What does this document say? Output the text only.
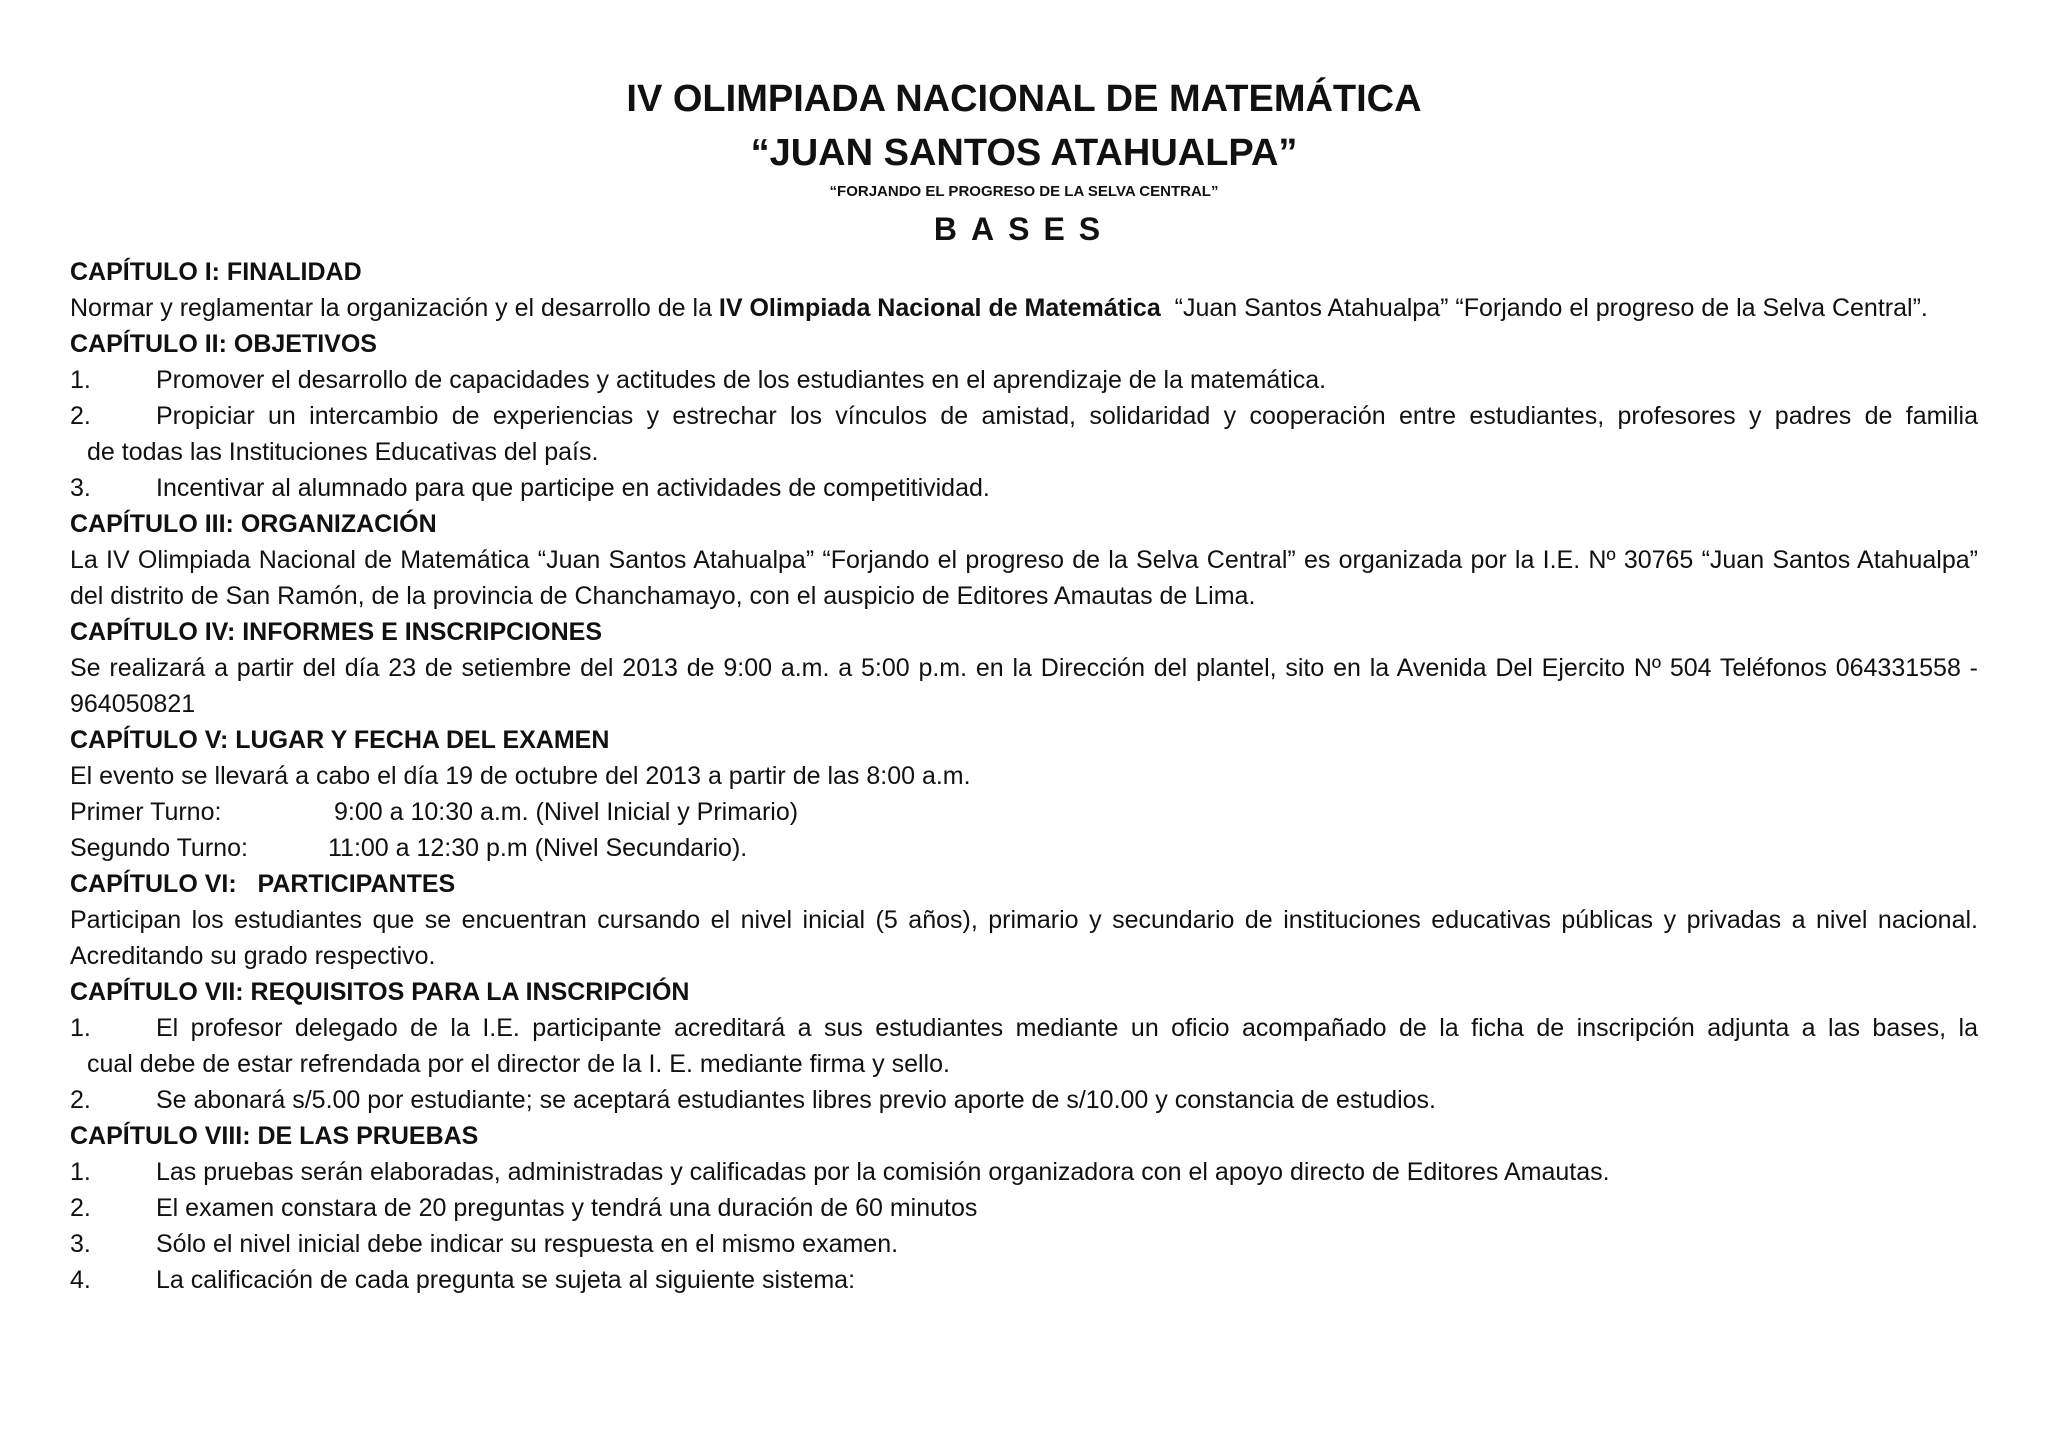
IV OLIMPIADA NACIONAL DE MATEMÁTICA

“JUAN SANTOS ATAHUALPA”

“FORJANDO EL PROGRESO DE LA SELVA CENTRAL”

BASES

CAPÍTULO I: FINALIDAD

Normar y reglamentar la organización y el desarrollo de la IV Olimpiada Nacional de Matemática  “Juan Santos Atahualpa” “Forjando el progreso de la Selva Central”.

CAPÍTULO II: OBJETIVOS

1.	Promover el desarrollo de capacidades y actitudes de los estudiantes en el aprendizaje de la matemática.
2.	Propiciar un intercambio de experiencias y estrechar los vínculos de amistad, solidaridad y cooperación entre estudiantes, profesores y padres de familia

de todas las Instituciones Educativas del país.

3.	Incentivar al alumnado para que participe en actividades de competitividad.

CAPÍTULO III: ORGANIZACIÓN

La IV Olimpiada Nacional de Matemática “Juan Santos Atahualpa” “Forjando el progreso de la Selva Central” es organizada por la I.E. Nº 30765 “Juan Santos Atahualpa” del distrito de San Ramón, de la provincia de Chanchamayo, con el auspicio de Editores Amautas de Lima.

CAPÍTULO IV: INFORMES E INSCRIPCIONES

Se realizará a partir del día 23 de setiembre del 2013 de 9:00 a.m. a 5:00 p.m. en la Dirección del plantel, sito en la Avenida Del Ejercito Nº 504 Teléfonos 064331558 - 964050821

CAPÍTULO V: LUGAR Y FECHA DEL EXAMEN

El evento se llevará a cabo el día 19 de octubre del 2013 a partir de las 8:00 a.m.

Primer Turno:	9:00 a 10:30 a.m. (Nivel Inicial y Primario)
Segundo Turno:	11:00 a 12:30 p.m (Nivel Secundario).

CAPÍTULO VI:   PARTICIPANTES

Participan los estudiantes que se encuentran cursando el nivel inicial (5 años), primario y secundario de instituciones educativas públicas y privadas a nivel nacional. Acreditando su grado respectivo.

CAPÍTULO VII: REQUISITOS PARA LA INSCRIPCIÓN

1.	El profesor delegado de la I.E. participante acreditará a sus estudiantes mediante un oficio acompañado de la ficha de inscripción adjunta a las bases, la

cual debe de estar refrendada por el director de la I. E. mediante firma y sello.

2.	Se abonará s/5.00 por estudiante; se aceptará estudiantes libres previo aporte de s/10.00 y constancia de estudios.

CAPÍTULO VIII: DE LAS PRUEBAS

1.	Las pruebas serán elaboradas, administradas y calificadas por la comisión organizadora con el apoyo directo de Editores Amautas.
2.	El examen constara de 20 preguntas y tendrá una duración de 60 minutos
3.	Sólo el nivel inicial debe indicar su respuesta en el mismo examen.
4.	La calificación de cada pregunta se sujeta al siguiente sistema:
